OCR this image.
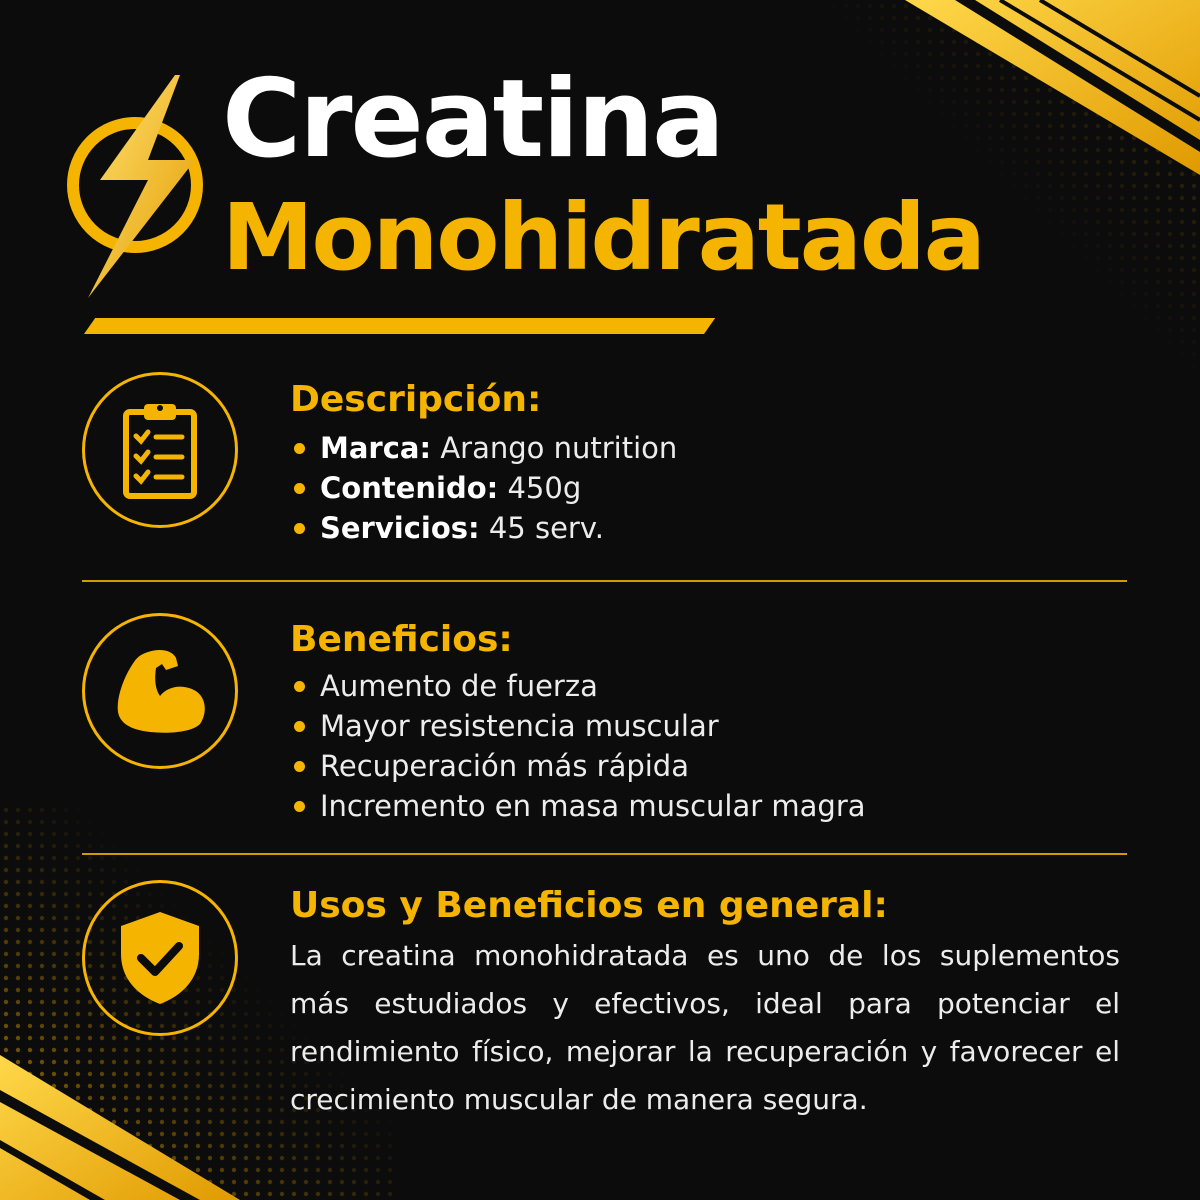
Creatina
Monohidratada
Descripción:
Marca: Arango nutrition
Contenido: 450g
Servicios: 45 serv.
Beneficios:
Aumento de fuerza
Mayor resistencia muscular
Recuperación más rápida
Incremento en masa muscular magra
Usos y Beneficios en general:
La creatina monohidratada es uno de los suplementos más estudiados y efectivos, ideal para potenciar el rendimiento físico, mejorar la recuperación y favorecer el crecimiento muscular de manera segura.
